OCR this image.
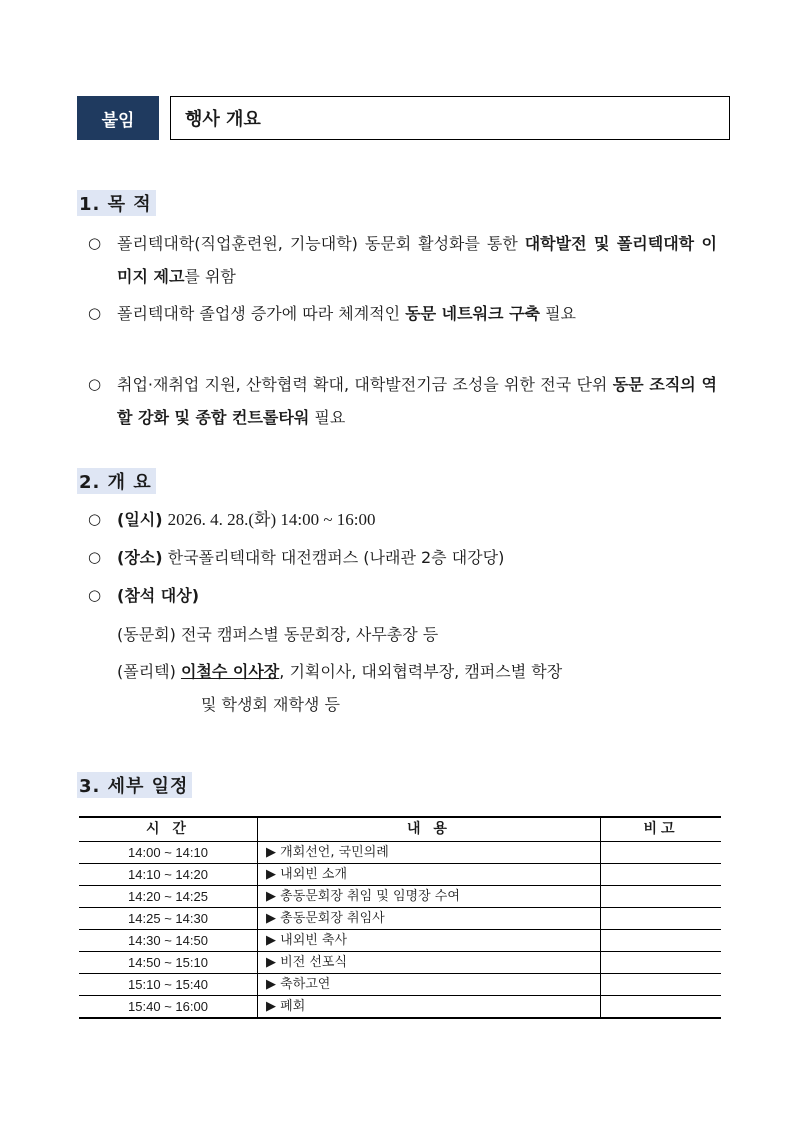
붙임	행사 개요
1. 목 적
○ 폴리텍대학(직업훈련원, 기능대학) 동문회 활성화를 통한 대학발전 및 폴리텍대학 이미지 제고를 위함
○ 폴리텍대학 졸업생 증가에 따라 체계적인 동문 네트워크 구축 필요
○ 취업·재취업 지원, 산학협력 확대, 대학발전기금 조성을 위한 전국 단위 동문 조직의 역할 강화 및 종합 컨트롤타워 필요
2. 개 요
○ (일시) 2026. 4. 28.(화) 14:00 ~ 16:00
○ (장소) 한국폴리텍대학 대전캠퍼스 (나래관 2층 대강당)
○ (참석 대상)
(동문회) 전국 캠퍼스별 동문회장, 사무총장 등
(폴리텍) 이철수 이사장, 기획이사, 대외협력부장, 캠퍼스별 학장
및 학생회 재학생 등
3. 세부 일정
시 간	내 용	비고
14:00 ~ 14:10	▶ 개회선언, 국민의례	
14:10 ~ 14:20	▶ 내외빈 소개	
14:20 ~ 14:25	▶ 총동문회장 취임 및 임명장 수여	
14:25 ~ 14:30	▶ 총동문회장 취임사	
14:30 ~ 14:50	▶ 내외빈 축사	
14:50 ~ 15:10	▶ 비전 선포식	
15:10 ~ 15:40	▶ 축하고연	
15:40 ~ 16:00	▶ 폐회	
